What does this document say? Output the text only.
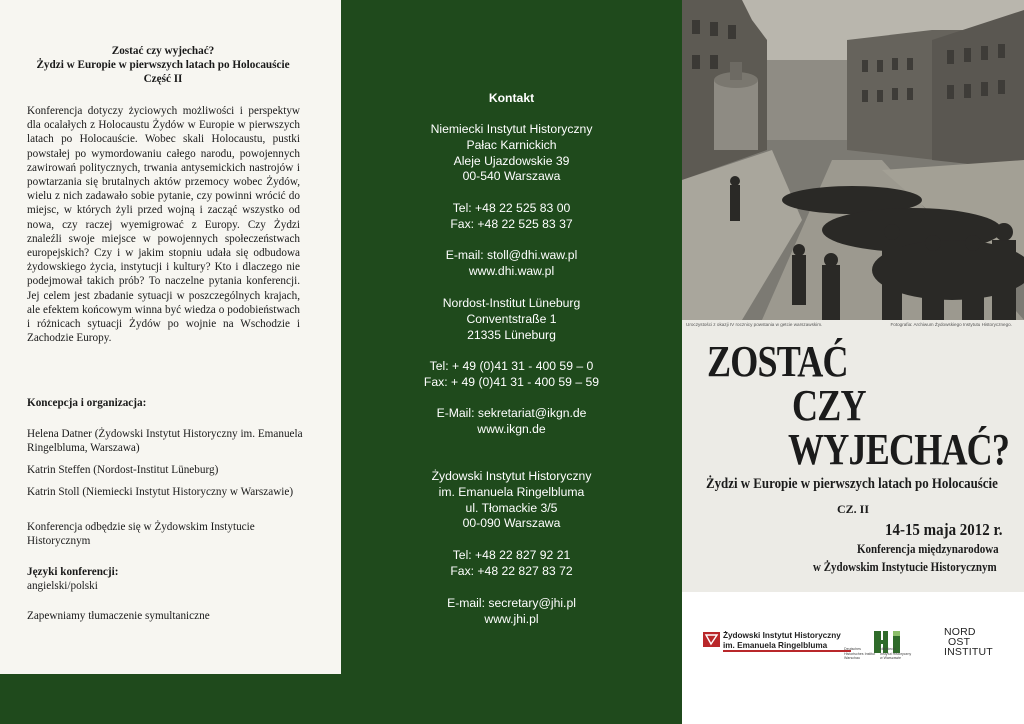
Zostać czy wyjechać?
Żydzi w Europie w pierwszych latach po Holocauście
Część II

Konferencja dotyczy życiowych możliwości i perspektyw dla ocalałych z Holocaustu Żydów w Europie w pierwszych latach po Holocauście. Wobec skali Holocaustu, pustki powstałej po wymordowaniu całego narodu, powojennych zawirowań politycznych, trwania antysemickich nastrojów i powtarzania się brutalnych aktów przemocy wobec Żydów, wielu z nich zadawało sobie pytanie, czy powinni wrócić do miejsc, w których żyli przed wojną i zacząć wszystko od nowa, czy raczej wyemigrować z Europy. Czy Żydzi znaleźli swoje miejsce w powojennych społeczeństwach europejskich? Czy i w jakim stopniu udała się odbudowa żydowskiego życia, instytucji i kultury? Kto i dlaczego nie podejmował takich prób? To naczelne pytania konferencji. Jej celem jest zbadanie sytuacji w poszczególnych krajach, ale efektem końcowym winna być wiedza o podobieństwach i różnicach sytuacji Żydów po wojnie na Wschodzie i Zachodzie Europy.

Koncepcja i organizacja:
Helena Datner (Żydowski Instytut Historyczny im. Emanuela Ringelbluma, Warszawa)
Katrin Steffen (Nordost-Institut Lüneburg)
Katrin Stoll (Niemiecki Instytut Historyczny w Warszawie)
Konferencja odbędzie się w Żydowskim Instytucie Historycznym
Języki konferencji:
angielski/polski
Zapewniamy tłumaczenie symultaniczne
Kontakt
Niemiecki Instytut Historyczny
Pałac Karnickich
Aleje Ujazdowskie 39
00-540 Warszawa
Tel: +48 22 525 83 00
Fax: +48 22 525 83 37
E-mail: stoll@dhi.waw.pl
www.dhi.waw.pl
Nordost-Institut Lüneburg
Conventstraße 1
21335 Lüneburg
Tel: + 49 (0)41 31 - 400 59 – 0
Fax: + 49 (0)41 31 - 400 59 – 59
E-Mail: sekretariat@ikgn.de
www.ikgn.de
Żydowski Instytut Historyczny
im. Emanuela Ringelbluma
ul. Tłomackie 3/5
00-090 Warszawa
Tel: +48 22 827 92 21
Fax: +48 22 827 83 72
E-mail: secretary@jhi.pl
www.jhi.pl
Uroczystości z okazji IV rocznicy powstania w getcie warszawskim.	Fotografia: Archiwum Żydowskiego Instytutu Historycznego.
ZOSTAĆ
CZY
WYJECHAĆ?
Żydzi w Europie w pierwszych latach po Holocauście
CZ. II
14-15 maja 2012 r.
Konferencja międzynarodowa
w Żydowskim Instytucie Historycznym
Żydowski Instytut Historyczny
im. Emanuela Ringelbluma	Deutsches
Historisches Institut
Warschau
Niemiecki
Instytut Historyczny
w Warszawie
NORD
OST
INSTITUT
